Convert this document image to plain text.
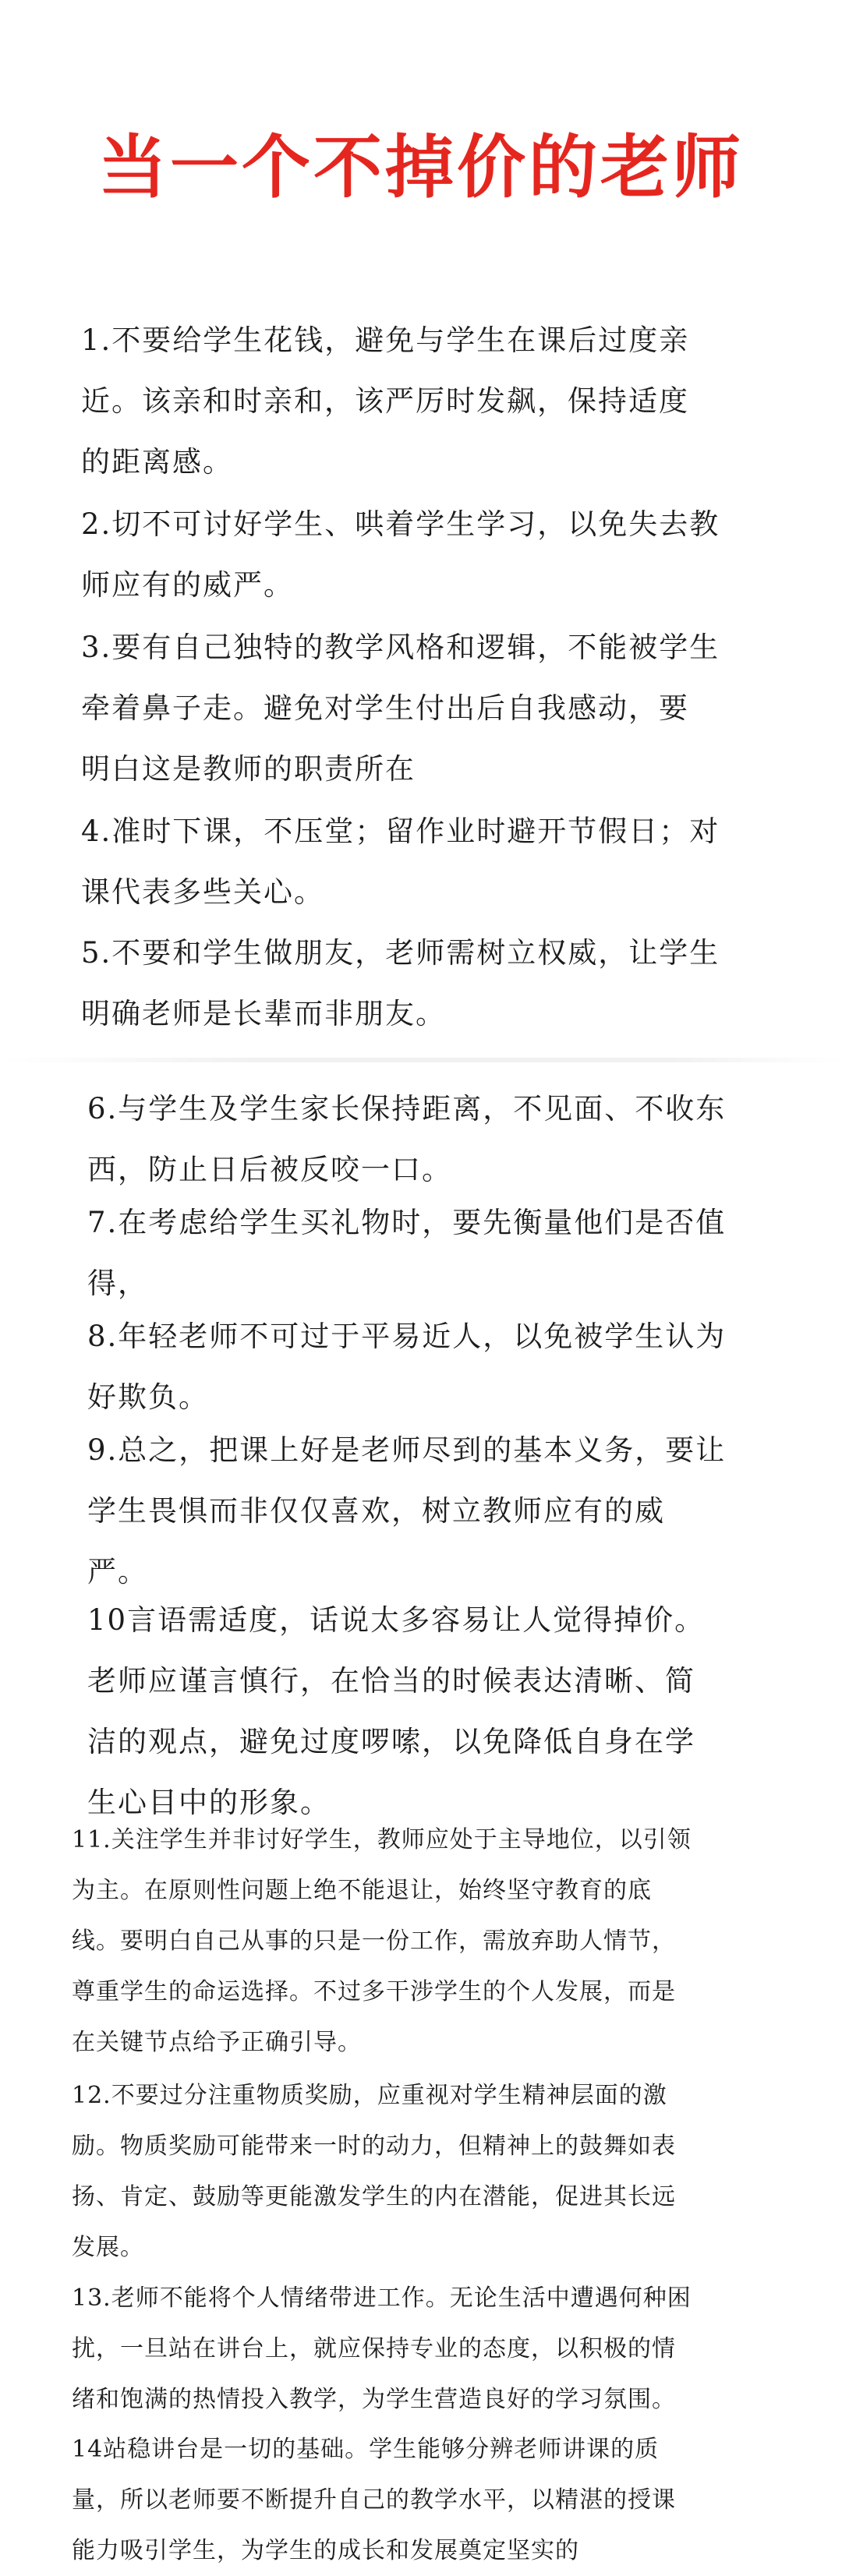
当一个不掉价的老师

1.不要给学生花钱，避免与学生在课后过度亲
近。该亲和时亲和，该严厉时发飙，保持适度
的距离感。

2.切不可讨好学生、哄着学生学习，以免失去教
师应有的威严。

3.要有自己独特的教学风格和逻辑，不能被学生
牵着鼻子走。避免对学生付出后自我感动，要
明白这是教师的职责所在

4.准时下课，不压堂；留作业时避开节假日；对
课代表多些关心。

5.不要和学生做朋友，老师需树立权威，让学生
明确老师是长辈而非朋友。

6.与学生及学生家长保持距离，不见面、不收东
西，防止日后被反咬一口。

7.在考虑给学生买礼物时，要先衡量他们是否值
得，

8.年轻老师不可过于平易近人，以免被学生认为
好欺负。

9.总之，把课上好是老师尽到的基本义务，要让
学生畏惧而非仅仅喜欢，树立教师应有的威
严。

10言语需适度，话说太多容易让人觉得掉价。
老师应谨言慎行，在恰当的时候表达清晰、简
洁的观点，避免过度啰嗦，以免降低自身在学
生心目中的形象。

11.关注学生并非讨好学生，教师应处于主导地位，以引领
为主。在原则性问题上绝不能退让，始终坚守教育的底
线。要明白自己从事的只是一份工作，需放弃助人情节，
尊重学生的命运选择。不过多干涉学生的个人发展，而是
在关键节点给予正确引导。

12.不要过分注重物质奖励，应重视对学生精神层面的激
励。物质奖励可能带来一时的动力，但精神上的鼓舞如表
扬、肯定、鼓励等更能激发学生的内在潜能，促进其长远
发展。

13.老师不能将个人情绪带进工作。无论生活中遭遇何种困
扰，一旦站在讲台上，就应保持专业的态度，以积极的情
绪和饱满的热情投入教学，为学生营造良好的学习氛围。

14站稳讲台是一切的基础。学生能够分辨老师讲课的质
量，所以老师要不断提升自己的教学水平，以精湛的授课
能力吸引学生，为学生的成长和发展奠定坚实的
